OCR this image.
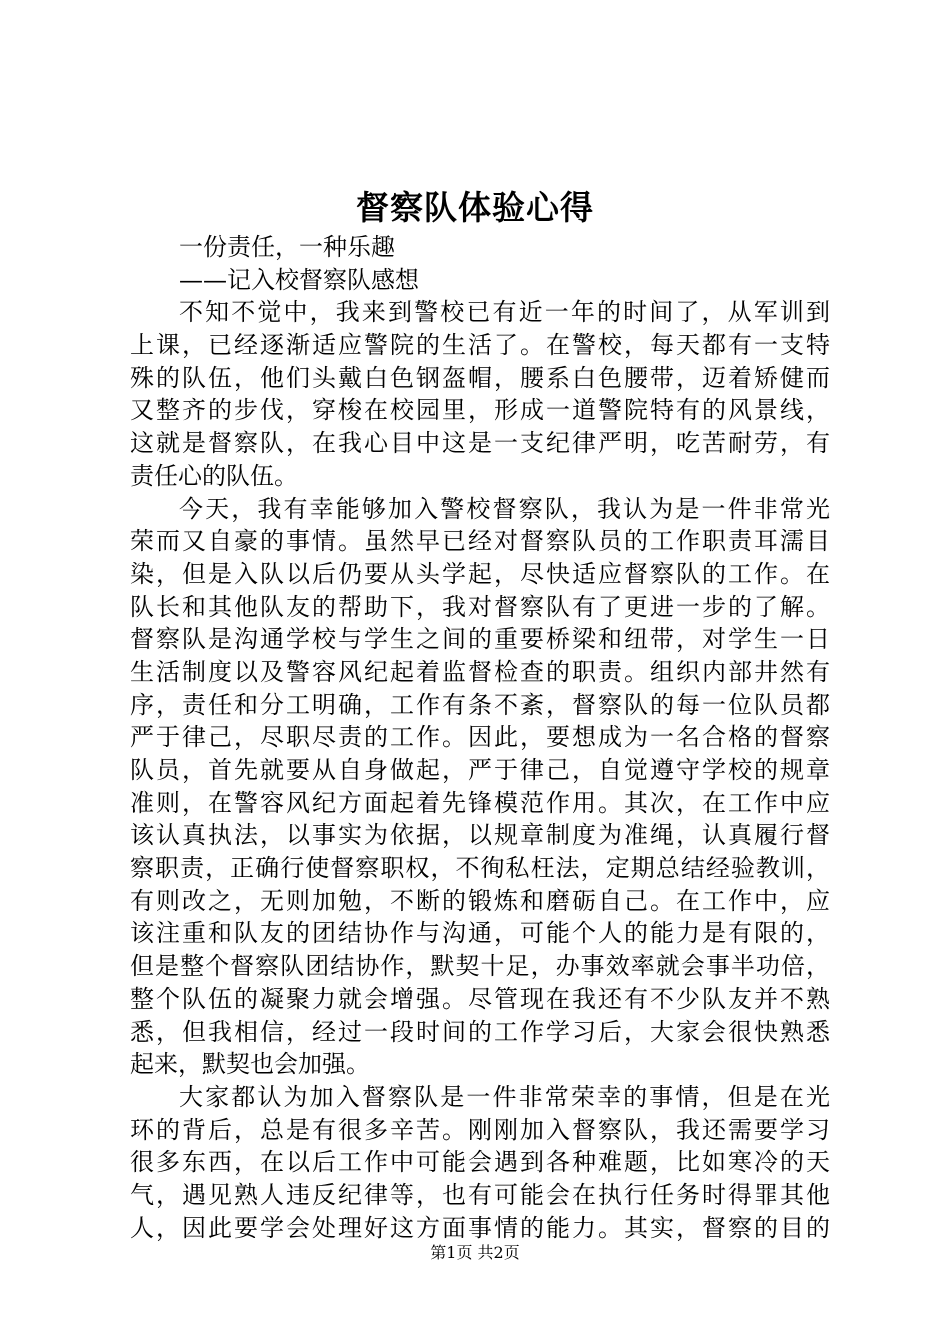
督察队体验心得
一份责任，一种乐趣
——记入校督察队感想
不知不觉中，我来到警校已有近一年的时间了，从军训到
上课，已经逐渐适应警院的生活了。在警校，每天都有一支特
殊的队伍，他们头戴白色钢盔帽，腰系白色腰带，迈着矫健而
又整齐的步伐，穿梭在校园里，形成一道警院特有的风景线，
这就是督察队，在我心目中这是一支纪律严明，吃苦耐劳，有
责任心的队伍。
今天，我有幸能够加入警校督察队，我认为是一件非常光
荣而又自豪的事情。虽然早已经对督察队员的工作职责耳濡目
染，但是入队以后仍要从头学起，尽快适应督察队的工作。在
队长和其他队友的帮助下，我对督察队有了更进一步的了解。
督察队是沟通学校与学生之间的重要桥梁和纽带，对学生一日
生活制度以及警容风纪起着监督检查的职责。组织内部井然有
序，责任和分工明确，工作有条不紊，督察队的每一位队员都
严于律己，尽职尽责的工作。因此，要想成为一名合格的督察
队员，首先就要从自身做起，严于律己，自觉遵守学校的规章
准则，在警容风纪方面起着先锋模范作用。其次，在工作中应
该认真执法，以事实为依据，以规章制度为准绳，认真履行督
察职责，正确行使督察职权，不徇私枉法，定期总结经验教训，
有则改之，无则加勉，不断的锻炼和磨砺自己。在工作中，应
该注重和队友的团结协作与沟通，可能个人的能力是有限的，
但是整个督察队团结协作，默契十足，办事效率就会事半功倍，
整个队伍的凝聚力就会增强。尽管现在我还有不少队友并不熟
悉，但我相信，经过一段时间的工作学习后，大家会很快熟悉
起来，默契也会加强。
大家都认为加入督察队是一件非常荣幸的事情，但是在光
环的背后，总是有很多辛苦。刚刚加入督察队，我还需要学习
很多东西，在以后工作中可能会遇到各种难题，比如寒冷的天
气，遇见熟人违反纪律等，也有可能会在执行任务时得罪其他
人，因此要学会处理好这方面事情的能力。其实，督察的目的
第1页 共2页
